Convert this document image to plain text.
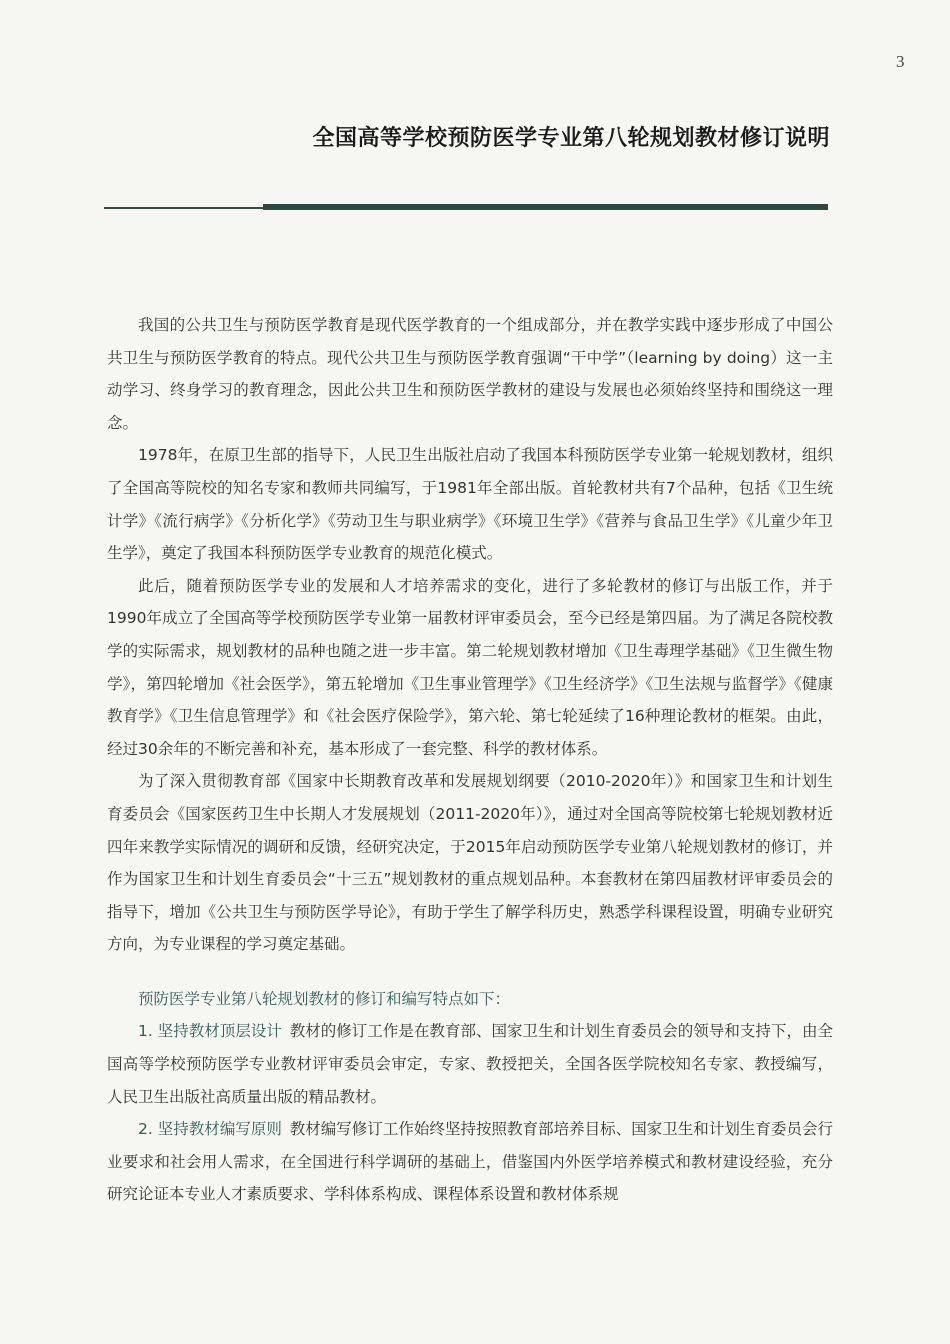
3
全国高等学校预防医学专业第八轮规划教材修订说明

我国的公共卫生与预防医学教育是现代医学教育的一个组成部分，并在教学实践中逐步形成了中国公共卫生与预防医学教育的特点。现代公共卫生与预防医学教育强调“干中学”（learning by doing）这一主动学习、终身学习的教育理念，因此公共卫生和预防医学教材的建设与发展也必须始终坚持和围绕这一理念。

1978年，在原卫生部的指导下，人民卫生出版社启动了我国本科预防医学专业第一轮规划教材，组织了全国高等院校的知名专家和教师共同编写，于1981年全部出版。首轮教材共有7个品种，包括《卫生统计学》《流行病学》《分析化学》《劳动卫生与职业病学》《环境卫生学》《营养与食品卫生学》《儿童少年卫生学》，奠定了我国本科预防医学专业教育的规范化模式。

此后，随着预防医学专业的发展和人才培养需求的变化，进行了多轮教材的修订与出版工作，并于1990年成立了全国高等学校预防医学专业第一届教材评审委员会，至今已经是第四届。为了满足各院校教学的实际需求，规划教材的品种也随之进一步丰富。第二轮规划教材增加《卫生毒理学基础》《卫生微生物学》，第四轮增加《社会医学》，第五轮增加《卫生事业管理学》《卫生经济学》《卫生法规与监督学》《健康教育学》《卫生信息管理学》和《社会医疗保险学》，第六轮、第七轮延续了16种理论教材的框架。由此，经过30余年的不断完善和补充，基本形成了一套完整、科学的教材体系。

为了深入贯彻教育部《国家中长期教育改革和发展规划纲要（2010-2020年）》和国家卫生和计划生育委员会《国家医药卫生中长期人才发展规划（2011-2020年）》，通过对全国高等院校第七轮规划教材近四年来教学实际情况的调研和反馈，经研究决定，于2015年启动预防医学专业第八轮规划教材的修订，并作为国家卫生和计划生育委员会“十三五”规划教材的重点规划品种。本套教材在第四届教材评审委员会的指导下，增加《公共卫生与预防医学导论》，有助于学生了解学科历史，熟悉学科课程设置，明确专业研究方向，为专业课程的学习奠定基础。

预防医学专业第八轮规划教材的修订和编写特点如下：

1. 坚持教材顶层设计  教材的修订工作是在教育部、国家卫生和计划生育委员会的领导和支持下，由全国高等学校预防医学专业教材评审委员会审定，专家、教授把关，全国各医学院校知名专家、教授编写，人民卫生出版社高质量出版的精品教材。

2. 坚持教材编写原则  教材编写修订工作始终坚持按照教育部培养目标、国家卫生和计划生育委员会行业要求和社会用人需求，在全国进行科学调研的基础上，借鉴国内外医学培养模式和教材建设经验，充分研究论证本专业人才素质要求、学科体系构成、课程体系设置和教材体系规
